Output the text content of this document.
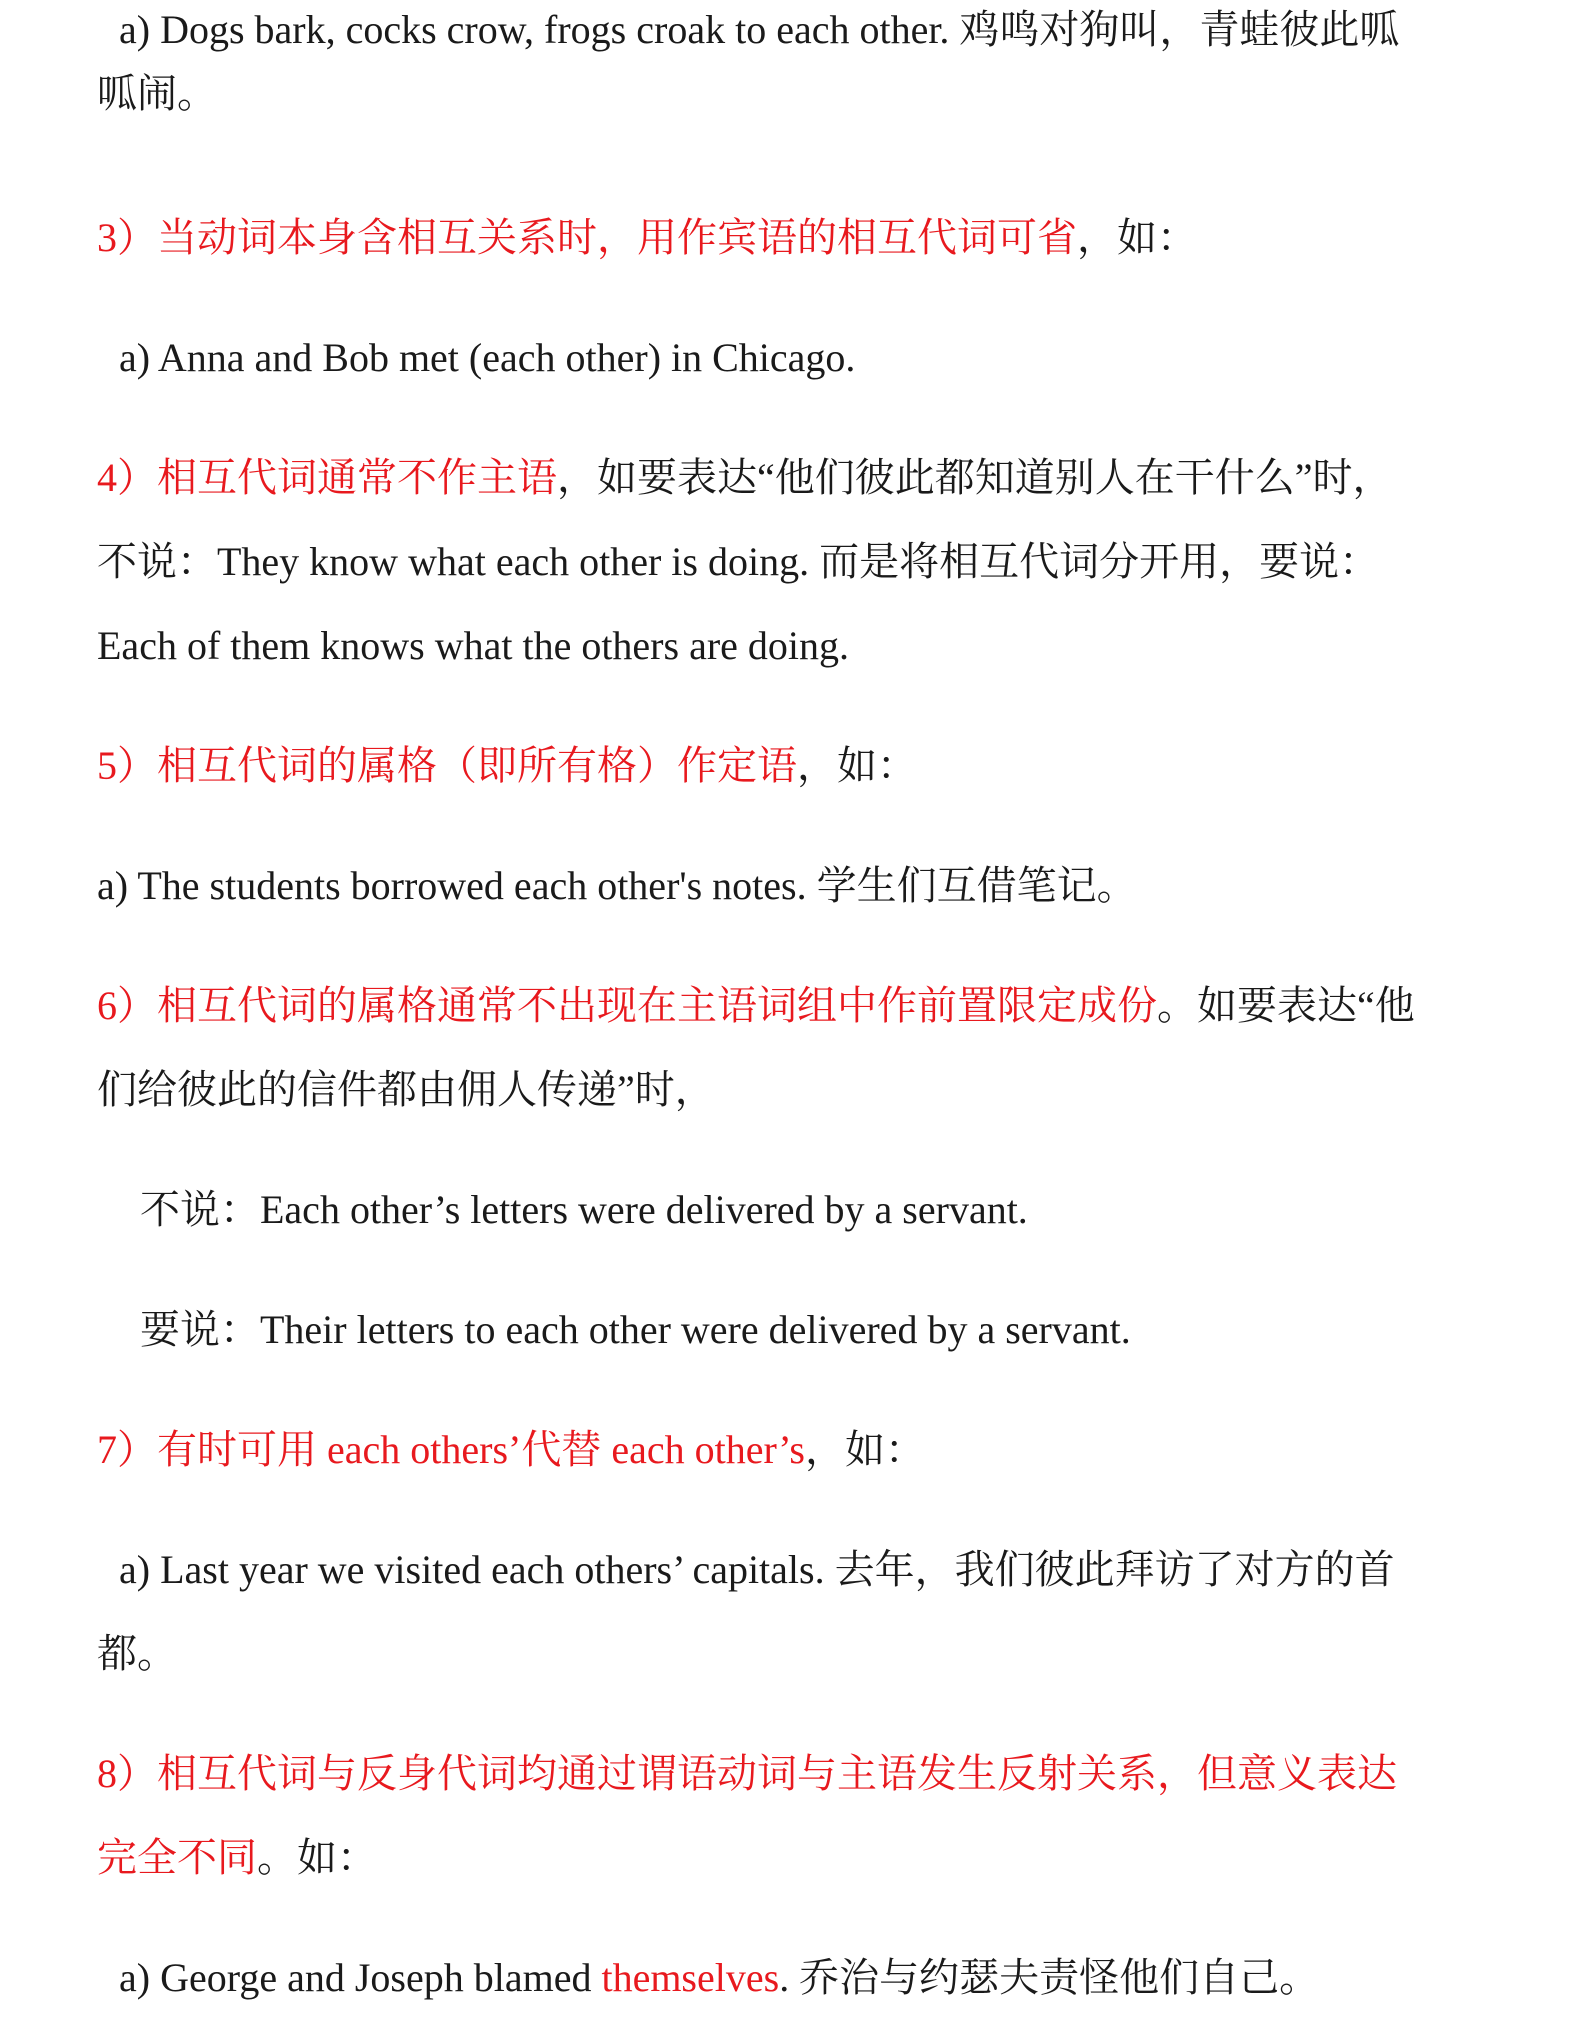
a) Dogs bark, cocks crow, frogs croak to each other. 鸡鸣对狗叫，青蛙彼此呱
呱闹。
3）当动词本身含相互关系时，用作宾语的相互代词可省，如：
a) Anna and Bob met (each other) in Chicago.
4）相互代词通常不作主语，如要表达“他们彼此都知道别人在干什么”时，
不说：They know what each other is doing. 而是将相互代词分开用，要说：
Each of them knows what the others are doing.
5）相互代词的属格（即所有格）作定语，如：
a) The students borrowed each other's notes. 学生们互借笔记。
6）相互代词的属格通常不出现在主语词组中作前置限定成份。如要表达“他
们给彼此的信件都由佣人传递”时，
不说：Each other’s letters were delivered by a servant.
要说：Their letters to each other were delivered by a servant.
7）有时可用 each others’代替 each other’s，如：
a) Last year we visited each others’ capitals. 去年，我们彼此拜访了对方的首
都。
8）相互代词与反身代词均通过谓语动词与主语发生反射关系，但意义表达
完全不同。如：
a) George and Joseph blamed themselves. 乔治与约瑟夫责怪他们自己。
